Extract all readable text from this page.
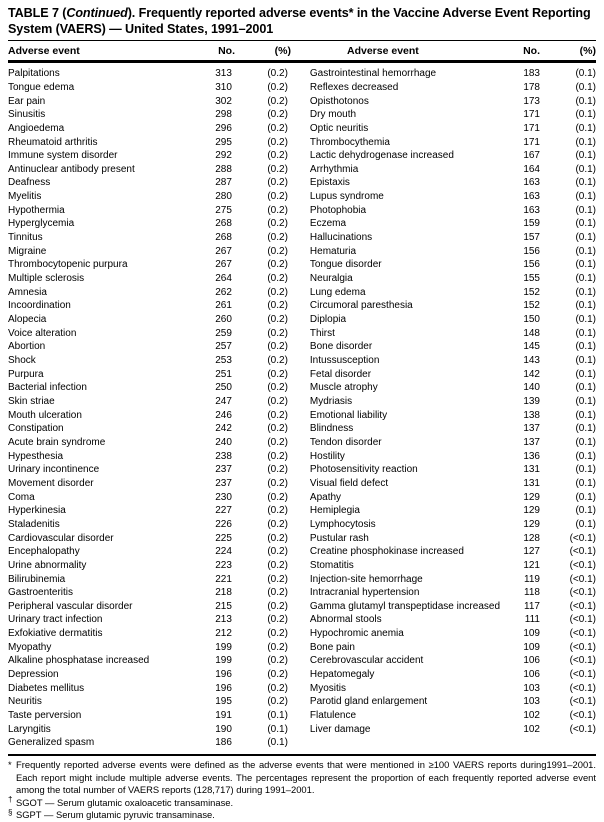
TABLE 7 (Continued). Frequently reported adverse events* in the Vaccine Adverse Event Reporting System (VAERS) — United States, 1991–2001
Adverse event	No.	(%)	Adverse event	No.	(%)
Palpitations	313	(0.2)
Tongue edema	310	(0.2)
Ear pain	302	(0.2)
Sinusitis	298	(0.2)
Angioedema	296	(0.2)
Rheumatoid arthritis	295	(0.2)
Immune system disorder	292	(0.2)
Antinuclear antibody present	288	(0.2)
Deafness	287	(0.2)
Myelitis	280	(0.2)
Hypothermia	275	(0.2)
Hyperglycemia	268	(0.2)
Tinnitus	268	(0.2)
Migraine	267	(0.2)
Thrombocytopenic purpura	267	(0.2)
Multiple sclerosis	264	(0.2)
Amnesia	262	(0.2)
Incoordination	261	(0.2)
Alopecia	260	(0.2)
Voice alteration	259	(0.2)
Abortion	257	(0.2)
Shock	253	(0.2)
Purpura	251	(0.2)
Bacterial infection	250	(0.2)
Skin striae	247	(0.2)
Mouth ulceration	246	(0.2)
Constipation	242	(0.2)
Acute brain syndrome	240	(0.2)
Hypesthesia	238	(0.2)
Urinary incontinence	237	(0.2)
Movement disorder	237	(0.2)
Coma	230	(0.2)
Hyperkinesia	227	(0.2)
Staladenitis	226	(0.2)
Cardiovascular disorder	225	(0.2)
Encephalopathy	224	(0.2)
Urine abnormality	223	(0.2)
Bilirubinemia	221	(0.2)
Gastroenteritis	218	(0.2)
Peripheral vascular disorder	215	(0.2)
Urinary tract infection	213	(0.2)
Exfokiative dermatitis	212	(0.2)
Myopathy	199	(0.2)
Alkaline phosphatase increased	199	(0.2)
Depression	196	(0.2)
Diabetes mellitus	196	(0.2)
Neuritis	195	(0.2)
Taste perversion	191	(0.1)
Laryngitis	190	(0.1)
Generalized spasm	186	(0.1)
Gastrointestinal hemorrhage	183	(0.1)
Reflexes decreased	178	(0.1)
Opisthotonos	173	(0.1)
Dry mouth	171	(0.1)
Optic neuritis	171	(0.1)
Thrombocythemia	171	(0.1)
Lactic dehydrogenase increased	167	(0.1)
Arrhythmia	164	(0.1)
Epistaxis	163	(0.1)
Lupus syndrome	163	(0.1)
Photophobia	163	(0.1)
Eczema	159	(0.1)
Hallucinations	157	(0.1)
Hematuria	156	(0.1)
Tongue disorder	156	(0.1)
Neuralgia	155	(0.1)
Lung edema	152	(0.1)
Circumoral paresthesia	152	(0.1)
Diplopia	150	(0.1)
Thirst	148	(0.1)
Bone disorder	145	(0.1)
Intussusception	143	(0.1)
Fetal disorder	142	(0.1)
Muscle atrophy	140	(0.1)
Mydriasis	139	(0.1)
Emotional liability	138	(0.1)
Blindness	137	(0.1)
Tendon disorder	137	(0.1)
Hostility	136	(0.1)
Photosensitivity reaction	131	(0.1)
Visual field defect	131	(0.1)
Apathy	129	(0.1)
Hemiplegia	129	(0.1)
Lymphocytosis	129	(0.1)
Pustular rash	128	(<0.1)
Creatine phosphokinase increased	127	(<0.1)
Stomatitis	121	(<0.1)
Injection-site hemorrhage	119	(<0.1)
Intracranial hypertension	118	(<0.1)
Gamma glutamyl transpeptidase increased	117	(<0.1)
Abnormal stools	111	(<0.1)
Hypochromic anemia	109	(<0.1)
Bone pain	109	(<0.1)
Cerebrovascular accident	106	(<0.1)
Hepatomegaly	106	(<0.1)
Myositis	103	(<0.1)
Parotid gland enlargement	103	(<0.1)
Flatulence	102	(<0.1)
Liver damage	102	(<0.1)
* Frequently reported adverse events were defined as the adverse events that were mentioned in ≥100 VAERS reports during1991–2001. Each report might include multiple adverse events. The percentages represent the proportion of each frequently reported adverse event among the total number of VAERS reports (128,717) during 1991–2001.
† SGOT — Serum glutamic oxaloacetic transaminase.
§ SGPT — Serum glutamic pyruvic transaminase.
